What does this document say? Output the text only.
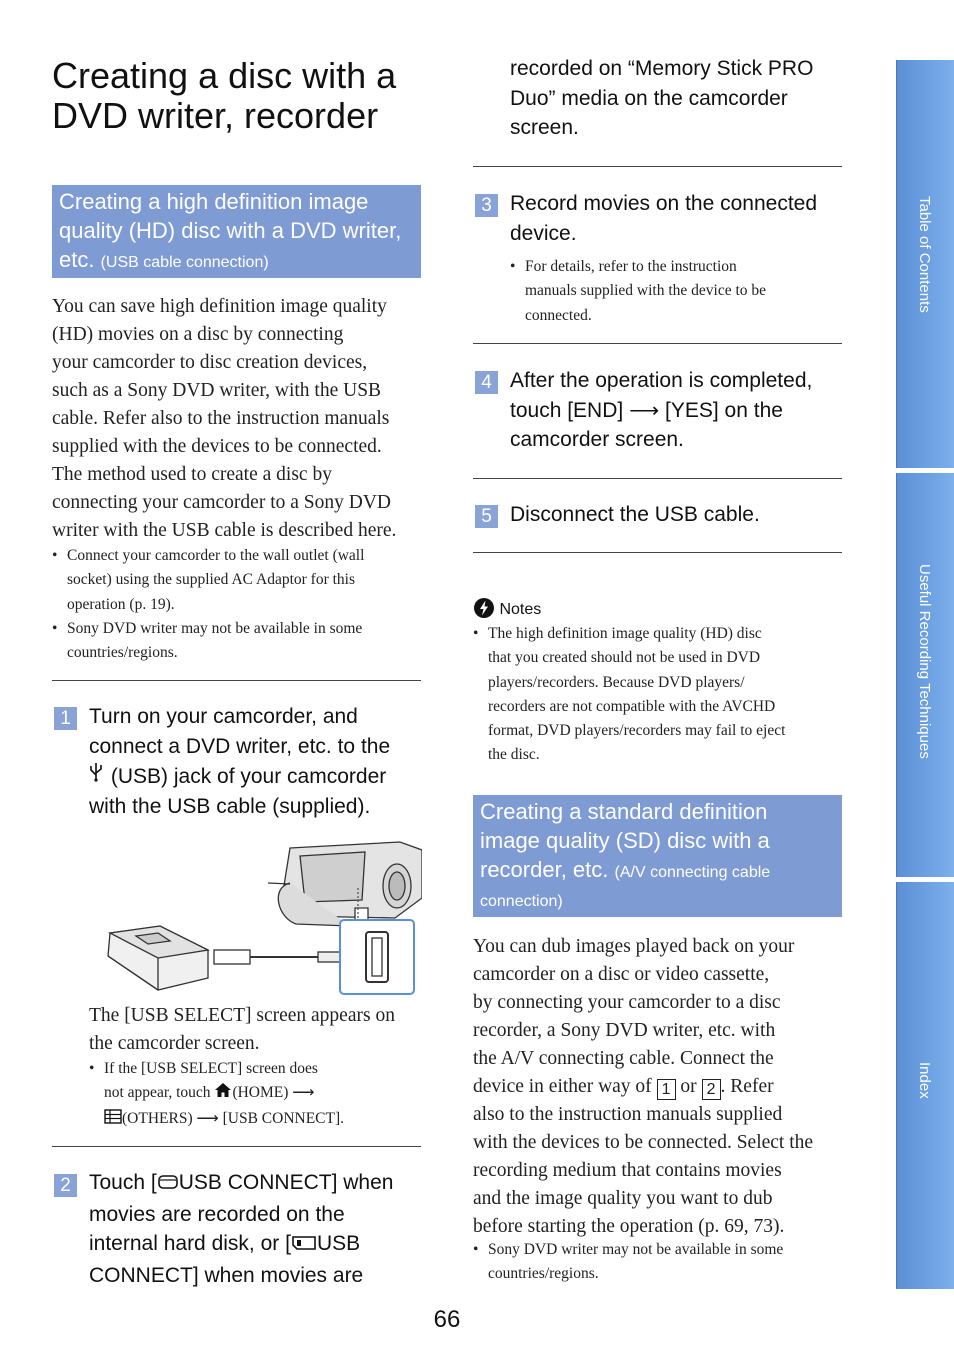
Creating a disc with a
DVD writer, recorder
Creating a high definition image
quality (HD) disc with a DVD writer,
etc. (USB cable connection)
You can save high definition image quality
(HD) movies on a disc by connecting
your camcorder to disc creation devices,
such as a Sony DVD writer, with the USB
cable. Refer also to the instruction manuals
supplied with the devices to be connected.
The method used to create a disc by
connecting your camcorder to a Sony DVD
writer with the USB cable is described here.
• Connect your camcorder to the wall outlet (wall
socket) using the supplied AC Adaptor for this
operation (p. 19).
• Sony DVD writer may not be available in some
countries/regions.
1 Turn on your camcorder, and
connect a DVD writer, etc. to the
(USB) jack of your camcorder
with the USB cable (supplied).
The [USB SELECT] screen appears on
the camcorder screen.
• If the [USB SELECT] screen does
not appear, touch (HOME) ⟶
(OTHERS) ⟶ [USB CONNECT].
2 Touch [ USB CONNECT] when
movies are recorded on the
internal hard disk, or [ USB
CONNECT] when movies are
recorded on “Memory Stick PRO
Duo” media on the camcorder
screen.
3 Record movies on the connected
device.
• For details, refer to the instruction
manuals supplied with the device to be
connected.
4 After the operation is completed,
touch [END] ⟶ [YES] on the
camcorder screen.
5 Disconnect the USB cable.
Notes
• The high definition image quality (HD) disc
that you created should not be used in DVD
players/recorders. Because DVD players/
recorders are not compatible with the AVCHD
format, DVD players/recorders may fail to eject
the disc.
Creating a standard definition
image quality (SD) disc with a
recorder, etc. (A/V connecting cable
connection)
You can dub images played back on your
camcorder on a disc or video cassette,
by connecting your camcorder to a disc
recorder, a Sony DVD writer, etc. with
the A/V connecting cable. Connect the
device in either way of 1 or 2 . Refer
also to the instruction manuals supplied
with the devices to be connected. Select the
recording medium that contains movies
and the image quality you want to dub
before starting the operation (p. 69, 73).
• Sony DVD writer may not be available in some
countries/regions.
66
Table of Contents
Useful Recording Techniques
Index
